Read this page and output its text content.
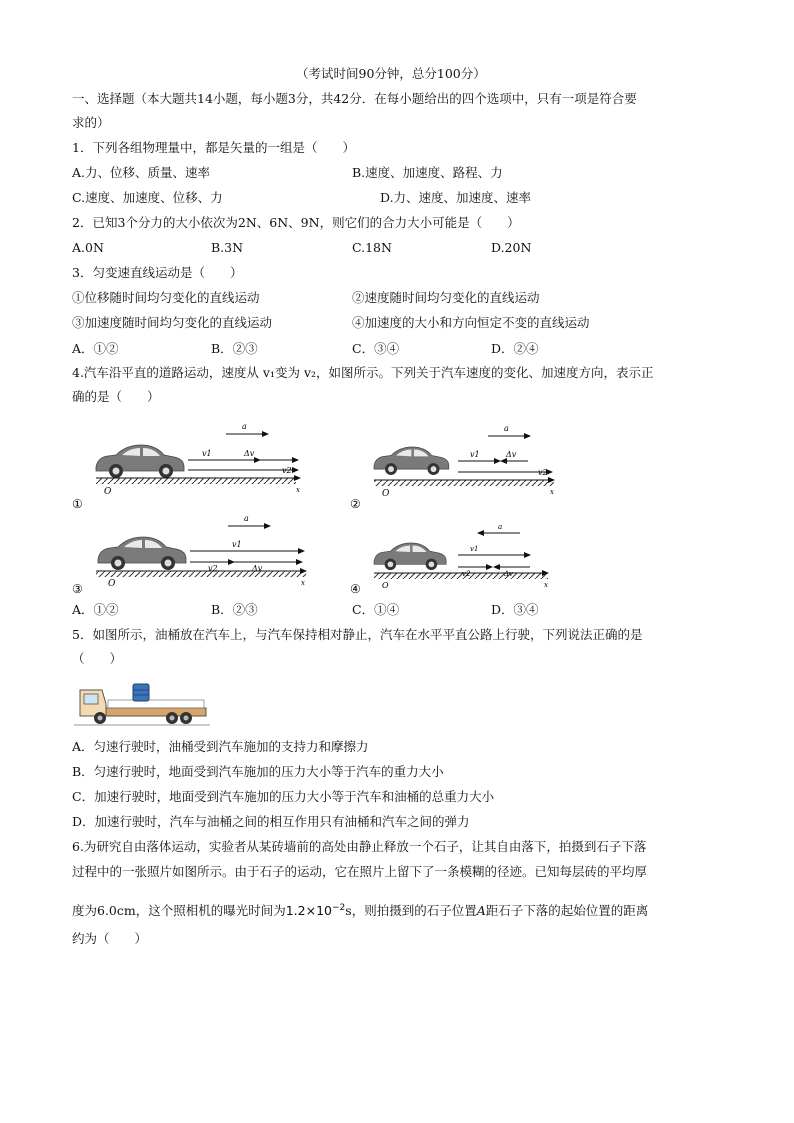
（考试时间90分钟，总分100分）
一、选择题（本大题共14小题，每小题3分，共42分．在每小题给出的四个选项中，只有一项是符合要
求的）
1．下列各组物理量中，都是矢量的一组是（　　）
A.力、位移、质量、速率	B.速度、加速度、路程、力
C.速度、加速度、位移、力	D.力、速度、加速度、速率
2．已知3个分力的大小依次为2N、6N、9N，则它们的合力大小可能是（　　）
A.0N	B.3N	C.18N	D.20N
3．匀变速直线运动是（　　）
①位移随时间均匀变化的直线运动	②速度随时间均匀变化的直线运动
③加速度随时间均匀变化的直线运动	④加速度的大小和方向恒定不变的直线运动
A．①②	B．②③	C．③④	D．②④
4.汽车沿平直的道路运动，速度从 v₁变为 v₂，如图所示。下列关于汽车速度的变化、加速度方向，表示正
确的是（　　）
a
v1	Δv
v2
O	x
①
a
v1	Δv
v2
O	x
②
a
v1
v2	Δv
O	x
③
a
v1
v2	Δv
O	x
④
A．①②	B．②③	C．①④	D．③④
5．如图所示，油桶放在汽车上，与汽车保持相对静止，汽车在水平平直公路上行驶，下列说法正确的是
（　　）
A．匀速行驶时，油桶受到汽车施加的支持力和摩擦力
B．匀速行驶时，地面受到汽车施加的压力大小等于汽车的重力大小
C．加速行驶时，地面受到汽车施加的压力大小等于汽车和油桶的总重力大小
D．加速行驶时，汽车与油桶之间的相互作用只有油桶和汽车之间的弹力
6.为研究自由落体运动，实验者从某砖墙前的高处由静止释放一个石子，让其自由落下，拍摄到石子下落
过程中的一张照片如图所示。由于石子的运动，它在照片上留下了一条模糊的径迹。已知每层砖的平均厚
度为6.0cm，这个照相机的曝光时间为$1.2\times 10^{-2}s$，则拍摄到的石子位置A距石子下落的起始位置的距离
约为（　　）
